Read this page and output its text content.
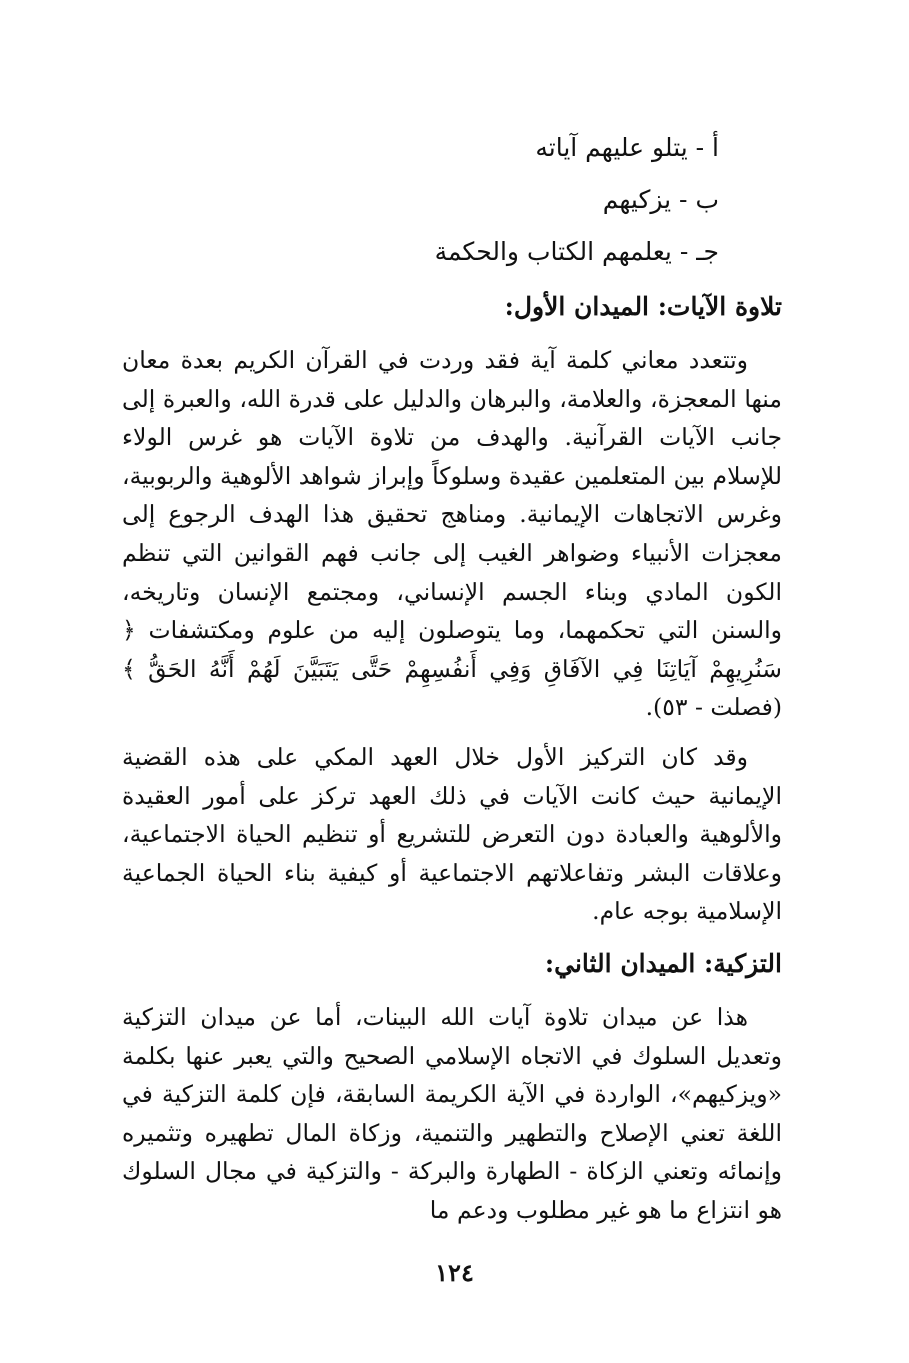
أ - يتلو عليهم آياته
ب - يزكيهم
جـ - يعلمهم الكتاب والحكمة
تلاوة الآيات: الميدان الأول:

وتتعدد معاني كلمة آية فقد وردت في القرآن الكريم بعدة معان منها المعجزة، والعلامة، والبرهان والدليل على قدرة الله، والعبرة إلى جانب الآيات القرآنية. والهدف من تلاوة الآيات هو غرس الولاء للإسلام بين المتعلمين عقيدة وسلوكاً وإبراز شواهد الألوهية والربوبية، وغرس الاتجاهات الإيمانية. ومناهج تحقيق هذا الهدف الرجوع إلى معجزات الأنبياء وضواهر الغيب إلى جانب فهم القوانين التي تنظم الكون المادي وبناء الجسم الإنساني، ومجتمع الإنسان وتاريخه، والسنن التي تحكمهما، وما يتوصلون إليه من علوم ومكتشفات ﴿ سَنُرِيهِمْ آيَاتِنَا فِي الآفَاقِ وَفِي أَنفُسِهِمْ حَتَّى يَتَبَيَّنَ لَهُمْ أَنَّهُ الحَقُّ ﴾ (فصلت - ٥٣).

وقد كان التركيز الأول خلال العهد المكي على هذه القضية الإيمانية حيث كانت الآيات في ذلك العهد تركز على أمور العقيدة والألوهية والعبادة دون التعرض للتشريع أو تنظيم الحياة الاجتماعية، وعلاقات البشر وتفاعلاتهم الاجتماعية أو كيفية بناء الحياة الجماعية الإسلامية بوجه عام.

التزكية: الميدان الثاني:

هذا عن ميدان تلاوة آيات الله البينات، أما عن ميدان التزكية وتعديل السلوك في الاتجاه الإسلامي الصحيح والتي يعبر عنها بكلمة «ويزكيهم»، الواردة في الآية الكريمة السابقة، فإن كلمة التزكية في اللغة تعني الإصلاح والتطهير والتنمية، وزكاة المال تطهيره وتثميره وإنمائه وتعني الزكاة - الطهارة والبركة - والتزكية في مجال السلوك هو انتزاع ما هو غير مطلوب ودعم ما

١٢٤
